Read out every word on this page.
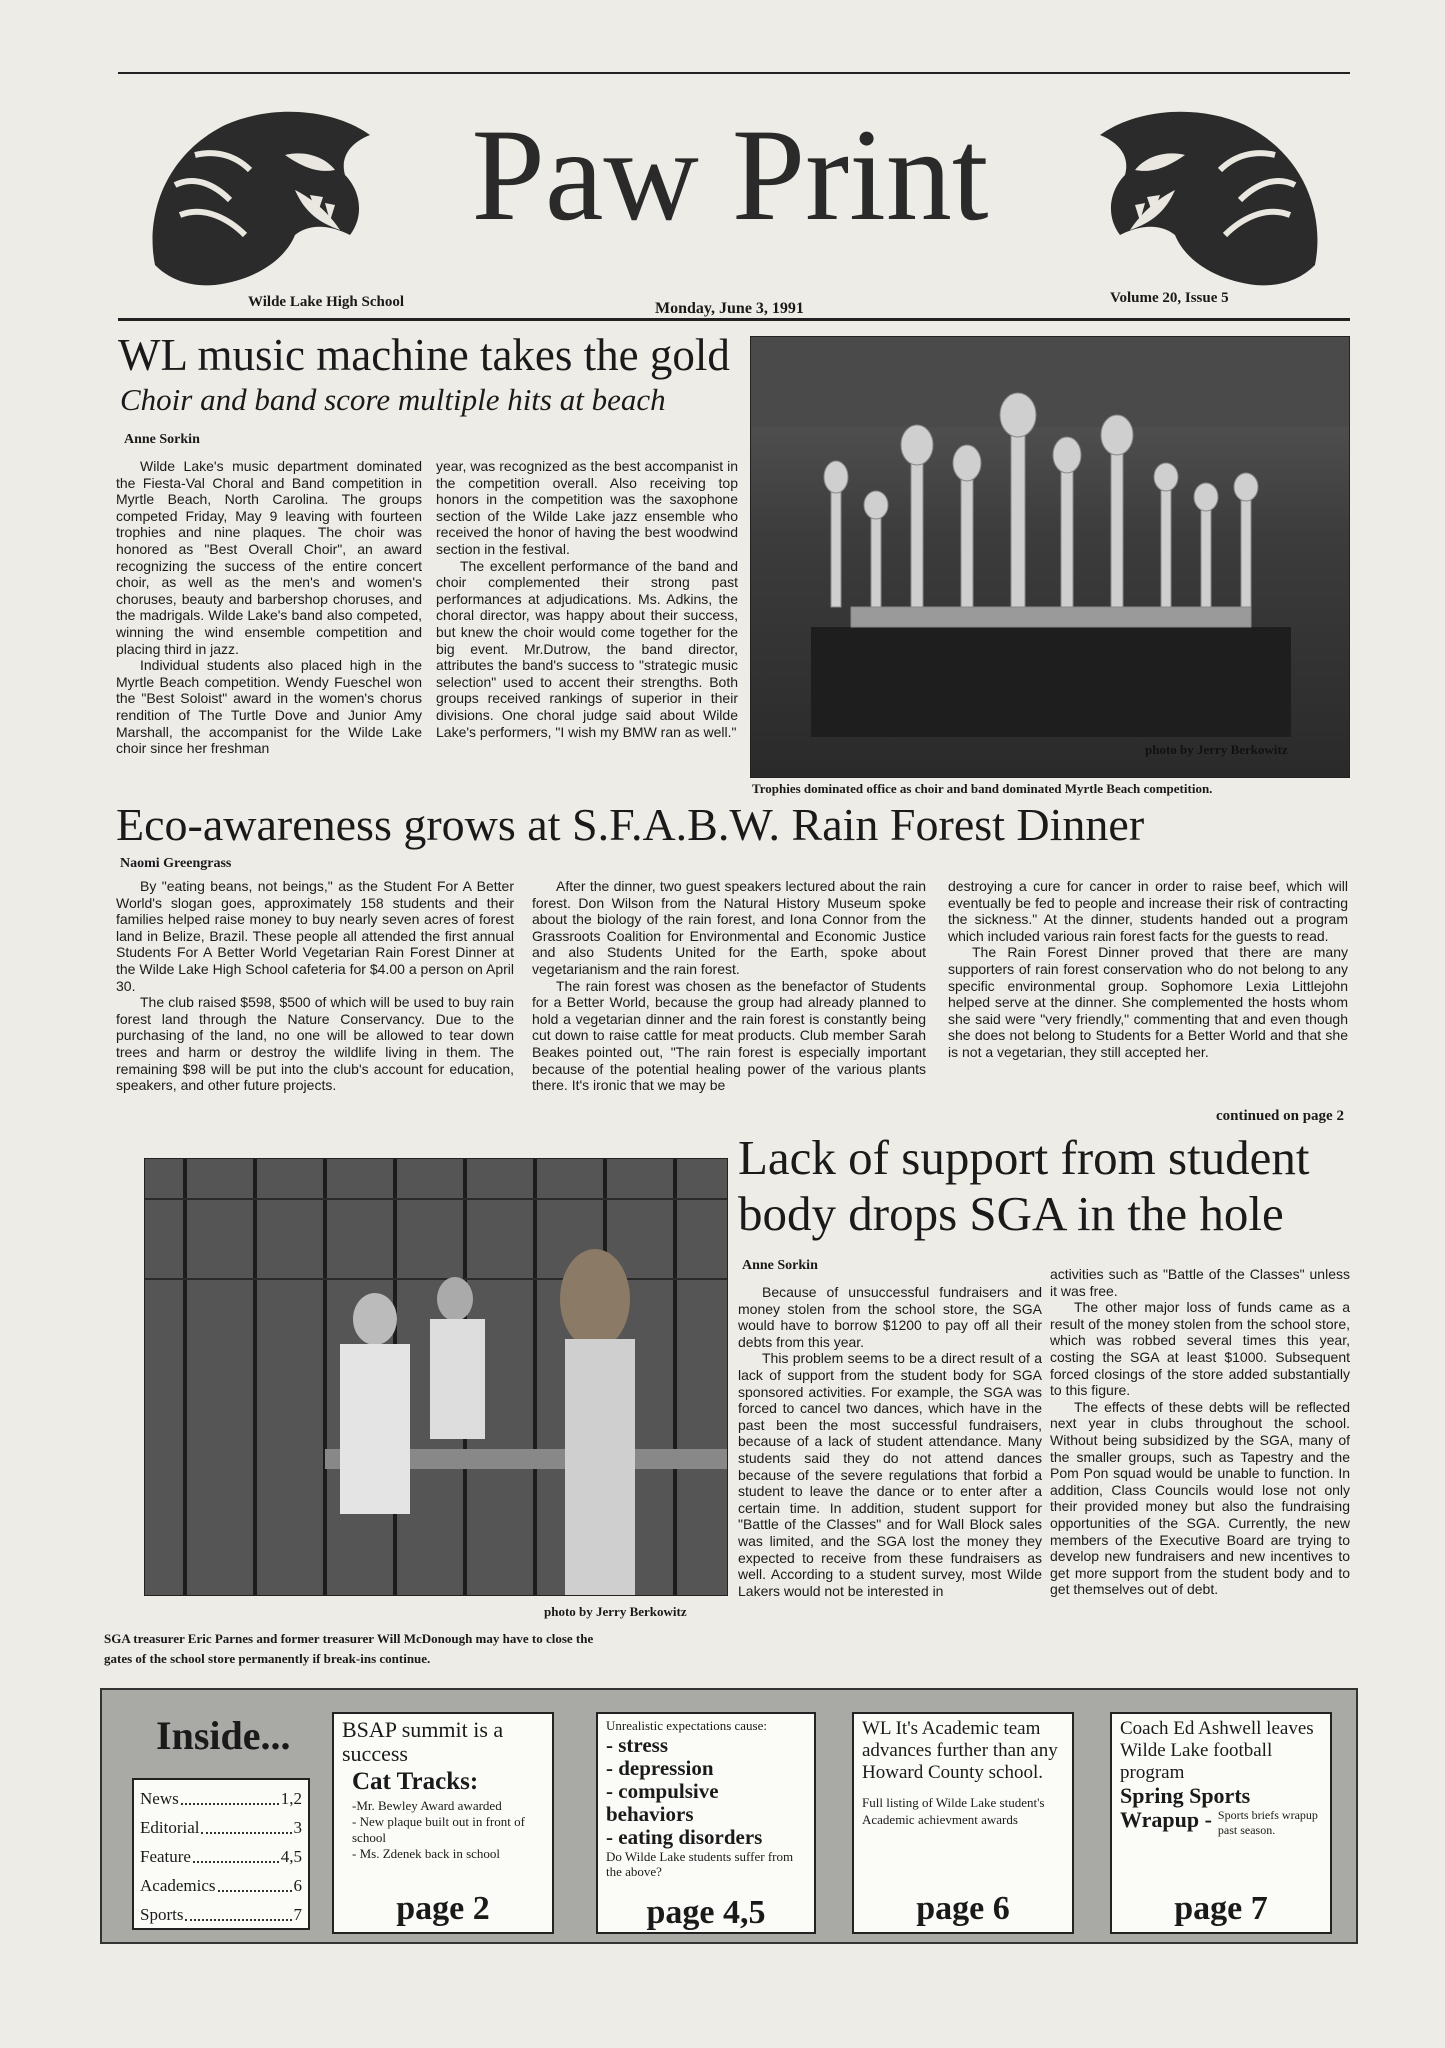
Paw Print
Wilde Lake High School	Monday, June 3, 1991
Volume 20, Issue 5
WL music machine takes the gold
Choir and band score multiple hits at beach
Anne Sorkin

Wilde Lake's music department dominated the Fiesta-Val Choral and Band competition in Myrtle Beach, North Carolina. The groups competed Friday, May 9 leaving with fourteen trophies and nine plaques. The choir was honored as "Best Overall Choir", an award recognizing the success of the entire concert choir, as well as the men's and women's choruses, beauty and barbershop choruses, and the madrigals. Wilde Lake's band also competed, winning the wind ensemble competition and placing third in jazz.

Individual students also placed high in the Myrtle Beach competition. Wendy Fueschel won the "Best Soloist" award in the women's chorus rendition of The Turtle Dove and Junior Amy Marshall, the accompanist for the Wilde Lake choir since her freshman

year, was recognized as the best accompanist in the competition overall. Also receiving top honors in the competition was the saxophone section of the Wilde Lake jazz ensemble who received the honor of having the best woodwind section in the festival.

The excellent performance of the band and choir complemented their strong past performances at adjudications. Ms. Adkins, the choral director, was happy about their success, but knew the choir would come together for the big event. Mr.Dutrow, the band director, attributes the band's success to "strategic music selection" used to accent their strengths. Both groups received rankings of superior in their divisions. One choral judge said about Wilde Lake's performers, "I wish my BMW ran as well."

photo by Jerry Berkowitz
Trophies dominated office as choir and band dominated Myrtle Beach competition.
Eco-awareness grows at S.F.A.B.W. Rain Forest Dinner
Naomi Greengrass

By "eating beans, not beings," as the Student For A Better World's slogan goes, approximately 158 students and their families helped raise money to buy nearly seven acres of forest land in Belize, Brazil. These people all attended the first annual Students For A Better World Vegetarian Rain Forest Dinner at the Wilde Lake High School cafeteria for $4.00 a person on April 30.

The club raised $598, $500 of which will be used to buy rain forest land through the Nature Conservancy. Due to the purchasing of the land, no one will be allowed to tear down trees and harm or destroy the wildlife living in them. The remaining $98 will be put into the club's account for education, speakers, and other future projects.

After the dinner, two guest speakers lectured about the rain forest. Don Wilson from the Natural History Museum spoke about the biology of the rain forest, and Iona Connor from the Grassroots Coalition for Environmental and Economic Justice and also Students United for the Earth, spoke about vegetarianism and the rain forest.

The rain forest was chosen as the benefactor of Students for a Better World, because the group had already planned to hold a vegetarian dinner and the rain forest is constantly being cut down to raise cattle for meat products. Club member Sarah Beakes pointed out, "The rain forest is especially important because of the potential healing power of the various plants there. It's ironic that we may be

destroying a cure for cancer in order to raise beef, which will eventually be fed to people and increase their risk of contracting the sickness." At the dinner, students handed out a program which included various rain forest facts for the guests to read.

The Rain Forest Dinner proved that there are many supporters of rain forest conservation who do not belong to any specific environmental group. Sophomore Lexia Littlejohn helped serve at the dinner. She complemented the hosts whom she said were "very friendly," commenting that and even though she does not belong to Students for a Better World and that she is not a vegetarian, they still accepted her.

continued on page 2
photo by Jerry Berkowitz
SGA treasurer Eric Parnes and former treasurer Will McDonough may have to close the
gates of the school store permanently if break-ins continue.
Lack of support from student
body drops SGA in the hole
Anne Sorkin

Because of unsuccessful fundraisers and money stolen from the school store, the SGA would have to borrow $1200 to pay off all their debts from this year.

This problem seems to be a direct result of a lack of support from the student body for SGA sponsored activities. For example, the SGA was forced to cancel two dances, which have in the past been the most successful fundraisers, because of a lack of student attendance. Many students said they do not attend dances because of the severe regulations that forbid a student to leave the dance or to enter after a certain time. In addition, student support for "Battle of the Classes" and for Wall Block sales was limited, and the SGA lost the money they expected to receive from these fundraisers as well. According to a student survey, most Wilde Lakers would not be interested in

activities such as "Battle of the Classes" unless it was free.

The other major loss of funds came as a result of the money stolen from the school store, which was robbed several times this year, costing the SGA at least $1000. Subsequent forced closings of the store added substantially to this figure.

The effects of these debts will be reflected next year in clubs throughout the school. Without being subsidized by the SGA, many of the smaller groups, such as Tapestry and the Pom Pon squad would be unable to function. In addition, Class Councils would lose not only their provided money but also the fundraising opportunities of the SGA. Currently, the new members of the Executive Board are trying to develop new fundraisers and new incentives to get more support from the student body and to get themselves out of debt.

Inside...
News	1,2
Editorial	3
Feature	4,5
Academics	6
Sports	7
BSAP summit is a success
Cat Tracks:
-Mr. Bewley Award awarded
- New plaque built out in front of school
- Ms. Zdenek back in school
page 2
Unrealistic expectations cause:
- stress
- depression
- compulsive behaviors
- eating disorders
Do Wilde Lake students suffer from the above?
page 4,5
WL It's Academic team advances further than any Howard County school.
Full listing of Wilde Lake student's Academic achievment awards
page 6
Coach Ed Ashwell leaves Wilde Lake football program
Spring Sports
Wrapup - Sports briefs wrapup past season.
page 7
